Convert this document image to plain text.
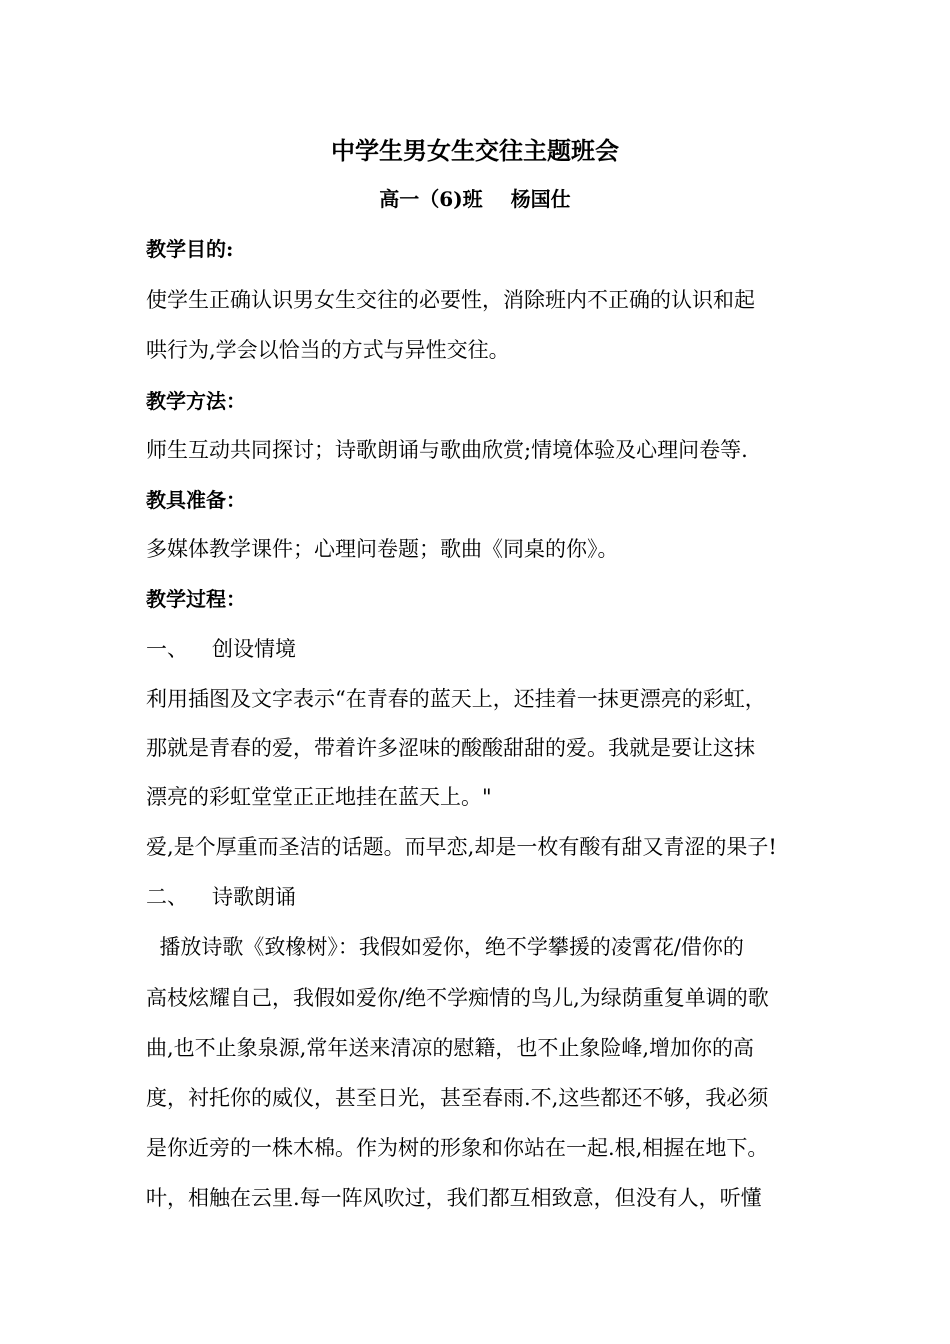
中学生男女生交往主题班会
高一（6)班 杨国仕
教学目的:
使学生正确认识男女生交往的必要性，消除班内不正确的认识和起
哄行为,学会以恰当的方式与异性交往。
教学方法：
师生互动共同探讨；诗歌朗诵与歌曲欣赏;情境体验及心理问卷等.
教具准备：
多媒体教学课件；心理问卷题；歌曲《同桌的你》。
教学过程：
一、 创设情境
利用插图及文字表示“在青春的蓝天上，还挂着一抹更漂亮的彩虹，
那就是青春的爱，带着许多涩味的酸酸甜甜的爱。我就是要让这抹
漂亮的彩虹堂堂正正地挂在蓝天上。"
爱,是个厚重而圣洁的话题。而早恋,却是一枚有酸有甜又青涩的果子!
二、 诗歌朗诵
播放诗歌《致橡树》：我假如爱你，绝不学攀援的凌霄花/借你的
高枝炫耀自己，我假如爱你/绝不学痴情的鸟儿,为绿荫重复单调的歌
曲,也不止象泉源,常年送来清凉的慰籍，也不止象险峰,增加你的高
度，衬托你的威仪，甚至日光，甚至春雨.不,这些都还不够，我必须
是你近旁的一株木棉。作为树的形象和你站在一起.根,相握在地下。
叶，相触在云里.每一阵风吹过，我们都互相致意，但没有人，听懂
